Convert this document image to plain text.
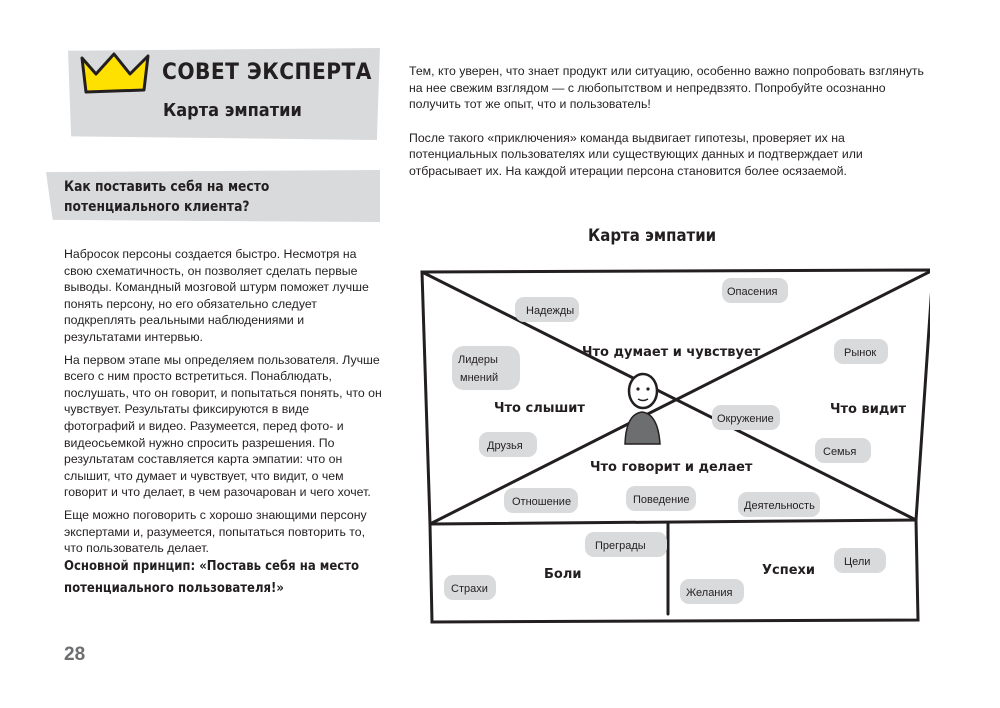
СОВЕТ ЭКСПЕРТА
Карта эмпатии
Как поставить себя на место потенциального клиента?

Набросок персоны создается быстро. Несмотря на свою схематичность, он позволяет сделать первые выводы. Командный мозговой штурм поможет лучше понять персону, но его обязательно следует подкреплять реальными наблюдениями и результатами интервью.

На первом этапе мы определяем пользователя. Лучше всего с ним просто встретиться. Понаблюдать, послушать, что он говорит, и попытаться понять, что он чувствует. Результаты фиксируются в виде фотографий и видео. Разумеется, перед фото- и видеосьемкой нужно спросить разрешения. По результатам составляется карта эмпатии: что он слышит, что думает и чувствует, что видит, о чем говорит и что делает, в чем разочарован и чего хочет.

Еще можно поговорить с хорошо знающими персону экспертами и, разумеется, попытаться повторить то, что пользователь делает.

Основной принцип: «Поставь себя на место потенциального пользователя!»
28

Тем, кто уверен, что знает продукт или ситуацию, особенно важно попробовать взглянуть на нее свежим взглядом — с любопытством и непредвзято. Попробуйте осознанно получить тот же опыт, что и пользователь!

После такого «приключения» команда выдвигает гипотезы, проверяет их на потенциальных пользователях или существующих данных и подтверждает или отбрасывает их. На каждой итерации персона становится более осязаемой.

Карта эмпатии
Что думает и чувствует
Что слышит	Что видит
Что говорит и делает
Боли	Успехи
Надежды
Опасения
Лидеры
мнений
Рынок
Окружение
Друзья	Семья
Отношение	Поведение	Деятельность
Преграды
Страхи
Цели
Желания
